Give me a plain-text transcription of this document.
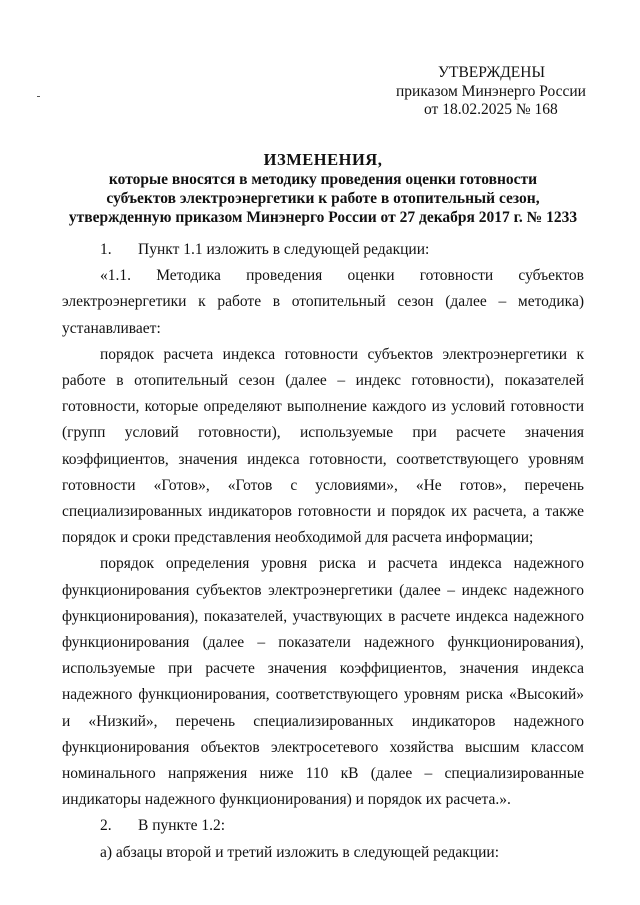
УТВЕРЖДЕНЫ
приказом Минэнерго России
от 18.02.2025 № 168
ИЗМЕНЕНИЯ,
которые вносятся в методику проведения оценки готовности
субъектов электроэнергетики к работе в отопительный сезон,
утвержденную приказом Минэнерго России от 27 декабря 2017 г. № 1233

1. Пункт 1.1 изложить в следующей редакции:

«1.1. Методика проведения оценки готовности субъектов электроэнергетики к работе в отопительный сезон (далее – методика) устанавливает:

порядок расчета индекса готовности субъектов электроэнергетики к работе в отопительный сезон (далее – индекс готовности), показателей готовности, которые определяют выполнение каждого из условий готовности (групп условий готовности), используемые при расчете значения коэффициентов, значения индекса готовности, соответствующего уровням готовности «Готов», «Готов с условиями», «Не готов», перечень специализированных индикаторов готовности и порядок их расчета, а также порядок и сроки представления необходимой для расчета информации;

порядок определения уровня риска и расчета индекса надежного функционирования субъектов электроэнергетики (далее – индекс надежного функционирования), показателей, участвующих в расчете индекса надежного функционирования (далее – показатели надежного функционирования), используемые при расчете значения коэффициентов, значения индекса надежного функционирования, соответствующего уровням риска «Высокий» и «Низкий», перечень специализированных индикаторов надежного функционирования объектов электросетевого хозяйства высшим классом номинального напряжения ниже 110 кВ (далее – специализированные индикаторы надежного функционирования) и порядок их расчета.».

2. В пункте 1.2:

а) абзацы второй и третий изложить в следующей редакции:
